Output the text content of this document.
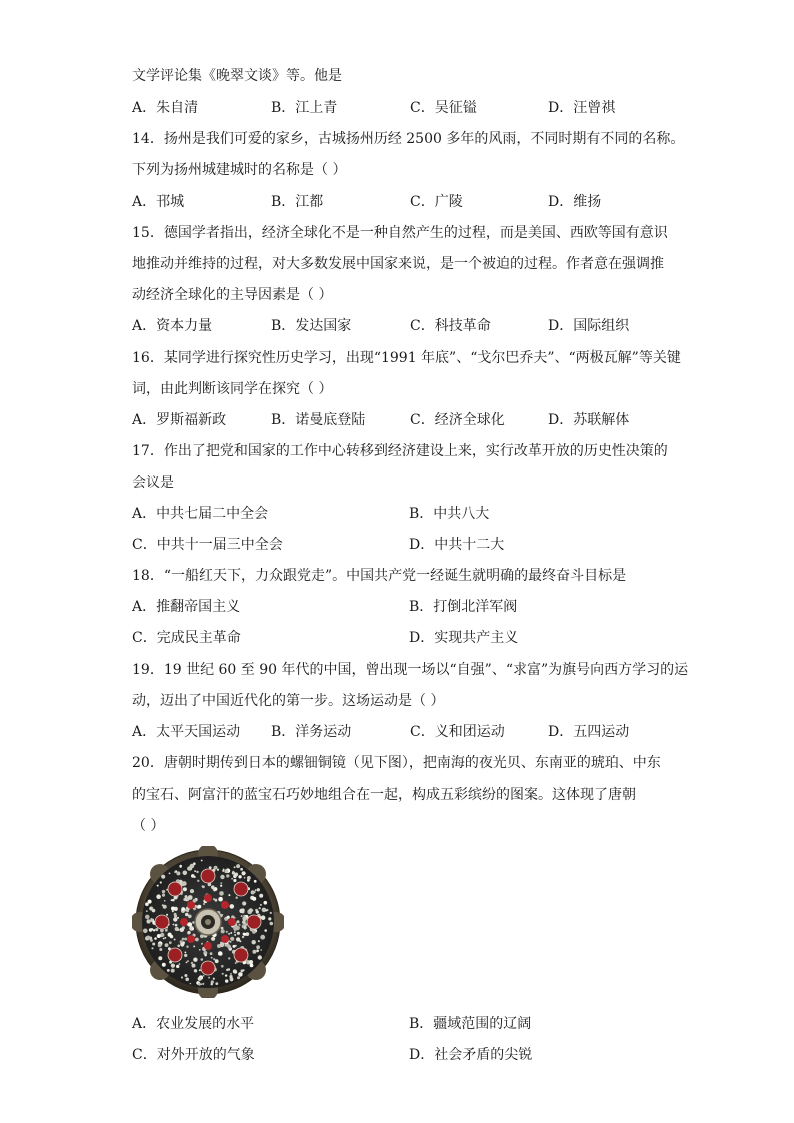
文学评论集《晚翠文谈》等。他是
A．朱自清	B．江上青	C．吴征镒	D．汪曾祺
14．扬州是我们可爱的家乡，古城扬州历经 2500 多年的风雨，不同时期有不同的名称。
下列为扬州城建城时的名称是（ ）
A．邗城	B．江都	C．广陵	D．维扬
15．德国学者指出，经济全球化不是一种自然产生的过程，而是美国、西欧等国有意识
地推动并维持的过程，对大多数发展中国家来说，是一个被迫的过程。作者意在强调推
动经济全球化的主导因素是（ ）
A．资本力量	B．发达国家	C．科技革命	D．国际组织
16．某同学进行探究性历史学习，出现“1991 年底”、“戈尔巴乔夫”、“两极瓦解”等关键
词，由此判断该同学在探究（ ）
A．罗斯福新政	B．诺曼底登陆	C．经济全球化	D．苏联解体
17．作出了把党和国家的工作中心转移到经济建设上来，实行改革开放的历史性决策的
会议是
A．中共七届二中全会	B．中共八大
C．中共十一届三中全会	D．中共十二大
18．“一船红天下，力众跟党走”。中国共产党一经诞生就明确的最终奋斗目标是
A．推翻帝国主义	B．打倒北洋军阀
C．完成民主革命	D．实现共产主义
19．19 世纪 60 至 90 年代的中国，曾出现一场以“自强”、“求富”为旗号向西方学习的运
动，迈出了中国近代化的第一步。这场运动是（ ）
A．太平天国运动 B．洋务运动	C．义和团运动	D．五四运动
20．唐朝时期传到日本的螺钿铜镜（见下图），把南海的夜光贝、东南亚的琥珀、中东
的宝石、阿富汗的蓝宝石巧妙地组合在一起，构成五彩缤纷的图案。这体现了唐朝
（ ）
A．农业发展的水平	B．疆域范围的辽阔
C．对外开放的气象	D．社会矛盾的尖锐
